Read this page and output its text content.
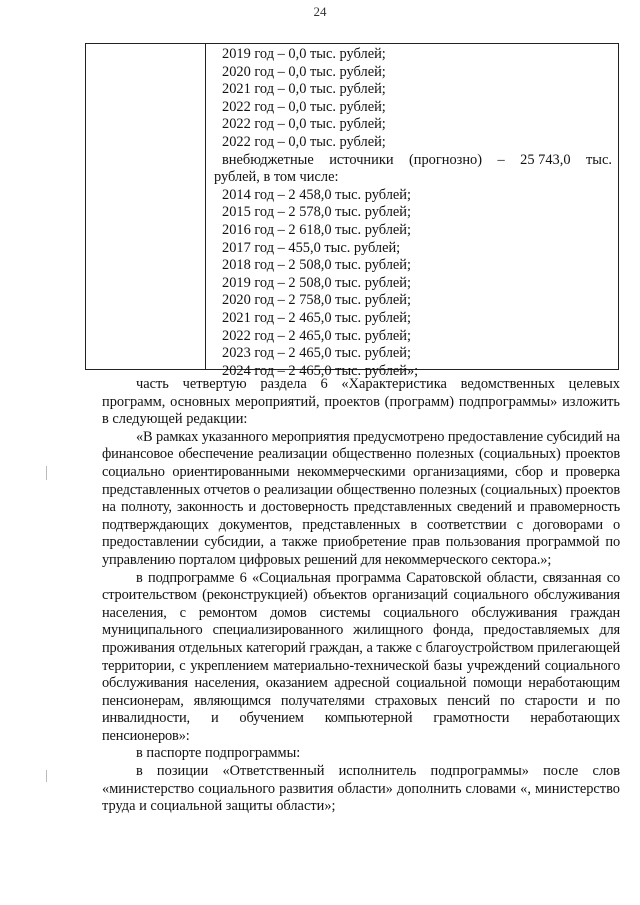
24
2019 год – 0,0 тыс. рублей;
2020 год – 0,0 тыс. рублей;
2021 год – 0,0 тыс. рублей;
2022 год – 0,0 тыс. рублей;
2022 год – 0,0 тыс. рублей;
2022 год – 0,0 тыс. рублей;
внебюджетные источники (прогнозно) – 25 743,0 тыс.
рублей, в том числе:
2014 год – 2 458,0 тыс. рублей;
2015 год – 2 578,0 тыс. рублей;
2016 год – 2 618,0 тыс. рублей;
2017 год – 455,0 тыс. рублей;
2018 год – 2 508,0 тыс. рублей;
2019 год – 2 508,0 тыс. рублей;
2020 год – 2 758,0 тыс. рублей;
2021 год – 2 465,0 тыс. рублей;
2022 год – 2 465,0 тыс. рублей;
2023 год – 2 465,0 тыс. рублей;
2024 год – 2 465,0 тыс. рублей»;

часть четвертую раздела 6 «Характеристика ведомственных целевых программ, основных мероприятий, проектов (программ) подпрограммы» изложить в следующей редакции:

«В рамках указанного мероприятия предусмотрено предоставление субсидий на финансовое обеспечение реализации общественно полезных (социальных) проектов социально ориентированными некоммерческими организациями, сбор и проверка представленных отчетов о реализации общественно полезных (социальных) проектов на полноту, законность и достоверность представленных сведений и правомерность подтверждающих документов, представленных в соответствии с договорами о предоставлении субсидии, а также приобретение прав пользования программой по управлению порталом цифровых решений для некоммерческого сектора.»;

в подпрограмме 6 «Социальная программа Саратовской области, связанная со строительством (реконструкцией) объектов организаций социального обслуживания населения, с ремонтом домов системы социального обслуживания граждан муниципального специализированного жилищного фонда, предоставляемых для проживания отдельных категорий граждан, а также с благоустройством прилегающей территории, с укреплением материально-технической базы учреждений социального обслуживания населения, оказанием адресной социальной помощи неработающим пенсионерам, являющимся получателями страховых пенсий по старости и по инвалидности, и обучением компьютерной грамотности неработающих пенсионеров»:

в паспорте подпрограммы:

в позиции «Ответственный исполнитель подпрограммы» после слов «министерство социального развития области» дополнить словами «, министерство труда и социальной защиты области»;
